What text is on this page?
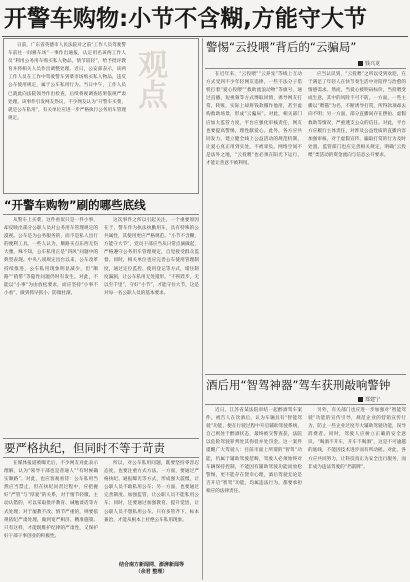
开警车购物:小节不含糊,方能守大节
观点

日前，广东省英德市人民法院对之前“工作人员驾驶警车前往一间修车场”一事作出通报，认定用名该两工作人员“利用公务用车购买私人物品，情节较轻”，给予批评教育并将相关人员作出调整处理。近日，公安部表示，该两工作人员在工作中驾驶警车到菜市场购买私人物品，违反公车使用规定，属于公车私用行为。当日中午，工作人员已就此向法院领导作出检查，后续将视调查结果依规严肃处理。该事件引发网友热议，不少网友认为“开警车买菜，就是公车私用”，有关单位应进一步严格执行公务用车管理规定。

“开警车购物”刷的哪些底线

从警车上买菜，这件看似只是一件小事，却反映出部分公职人员对公务用车管理规定的漠视。公车是为公务服务的，而不是私人出行的便利工具。一些人认为，顺路买点东西无伤大雅，殊不知，公车私用正是“四风”问题中的典型表现。中央八项规定出台以来，公车改革持续推进，公车私用现象明显减少，但“顺路”“捎带”等隐性问题仍时有发生。对此，不能以“小事”为由放松要求，而应坚持“小事不小看”，做到抓早抓小、防微杜渐。

这次事件之所以引起关注，一个重要原因在于，警车作为执法执勤用车，具有特殊的公共属性，其使用更应严格规范。“小节不含糊，方能守大节”，党员干部应当从日常点滴做起，严格遵守公务用车管理规定，自觉接受群众监督。同时，相关单位也应完善公车使用管理制度，通过定位监控、使用登记等方式，堵住制度漏洞，让公车私用无处遁形。“不积跬步，无以至千里”，守好“小节”，才能守住大节，这是对每一名公职人员的基本要求。

要严格执纪，但同时不等于苛责

在媒体报道被曝光后，不少网友对此表示理解，认为“领导干部也是普通人”“有时候确实顺路”。对此，也应客观看待：公车私用当然应当禁止，但在执纪问责过程中，应把握好“严管”与“厚爱”的关系，对于情节轻微、主动认错的，可以采取批评教育、诫勉谈话等方式处理；对于屡教不改、情节严重的，则要依规依纪严肃处理，做到宽严相济、精准施策。只有这样，才能既维护纪律的严肃性，又保护好干部干事创业的积极性。

所以，对公车私用问题，既要坚持零容忍态度，也要注重方式方法。一方面，要通过严格执纪、通报曝光等方式，形成强大震慑，让公职人员不敢私用公车；另一方面，也要通过完善制度、加强监管，让公职人员不能私用公车；同时，还要通过加强教育、提升觉悟，让公职人员不想私用公车。只有多管齐下、标本兼治，才能从根本上杜绝公车私用现象。

结合南方新闻网、澎湃新闻等
（余君 整理）
警惕“云投喂”背后的“云骗局”
钱兴龙

在近年来，“云投喂”“云养宠”等线上互动方式受到不少年轻网友追捧，一些不法分子借机打着“爱心投喂”“救助流浪动物”等旗号，通过直播、短视频等方式博取同情，诱导网友打赏、转账，实际上却将钱款挪作他用，甚至虚构救助场景，形成“云骗局”。对此，相关部门应加大监管力度，平台应强化审核责任，网友也要提高警惕，理性献爱心。此外，各方应共同发力，建立健全线上公益活动的规范机制，让爱心真正用到实处，不被辜负。网络空间不是法外之地，“云投喂”也必须在阳光下运行，才能让善意不被利用。

应当认识到，“云投喂”之所以受到欢迎，在于满足了年轻人在快节奏生活中对陪伴与治愈的情感需求。然而，当爱心被明码标价，当投喂变成生意，其中的风险不可不防。一方面，一些主播以“喂猫”为名，不断诱导打赏，所得款项却去向不明；另一方面，部分直播间存在摆拍、虚假救助等情况，严重透支公众的信任。对此，平台方应履行主体责任，对涉及公益性质的直播内容加强审核，对于虚假宣传、骗取打赏的行为及时处置。监管部门也应完善相关规定，明确“云投喂”类活动的资金流向与信息公开要求。

酒后用“智驾神器”驾车获刑敲响警钟
郑建宁

近日，江苏省某法院审结一起醉酒驾车案件。被告人在饮酒后，认为车辆具有“智能驾驶”功能，便在行驶过程中开启辅助驾驶系统，自己则处于醉酒状态，最终被交警查获，法院以危险驾驶罪判处其拘役并处罚金。这一案件提醒广大驾驶人：目前市面上所谓的“智驾”功能，仍属于辅助驾驶范畴，驾驶人必须始终对车辆保持控制，不能因有辅助驾驶功能而放松警惕，更不能存在侥幸心理，酒后驾驶无论是否开启“智驾”功能，均属违法行为，都要承担相应的法律责任。

另外，有关部门也应进一步加强对“智能驾驶”功能的宣传引导，规范企业的营销宣传行为，防止一些企业过度夸大辅助驾驶功能，误导消费者。同时，驾驶人应树立正确的安全意识，“喝酒不开车，开车不喝酒”，这是不可逾越的底线，不能因技术进步而有所动摇。对此，各方应共同努力，让科技真正为安全出行服务，而非成为违法驾驶的“挡箭牌”。
